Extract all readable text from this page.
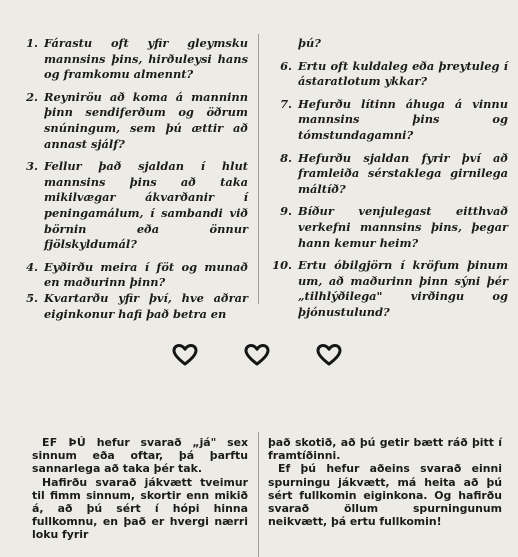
1. Fárastu oft yfir gleymsku mannsins þins, hirðuleysi hans og framkomu almennt?
2. Reyniröu að koma á manninn þinn sendiferðum og öðrum snúningum, sem þú ættir að annast sjálf?
3. Fellur það sjaldan í hlut mannsins þins að taka mikilvægar ákvarðanir í peningamálum, í sambandi við börnin eða önnur fjölskyldumál?
4. Eyðirðu meira í föt og munað en maðurinn þinn?
5. Kvartarðu yfir því, hve aðrar eiginkonur hafi það betra en
þú?
6. Ertu oft kuldaleg eða þreytuleg í ástaratlotum ykkar?
7. Hefurðu lítinn áhuga á vinnu mannsins þins og tómstundagamni?
8. Hefurðu sjaldan fyrir því að framleiða sérstaklega girnilega máltíð?
9. Bíður venjulegast eitthvað verkefni mannsins þins, þegar hann kemur heim?
10. Ertu óbilgjörn í kröfum þinum um, að maðurinn þinn sýni þér „tilhlýðilega" virðingu og þjónustulund?

EF ÞÚ hefur svarað „já" sex sinnum eða oftar, þá þarftu sannarlega að taka þér tak.

Hafirðu svarað jákvætt tveimur til fimm sinnum, skortir enn mikið á, að þú sért í hópi hinna fullkomnu, en það er hvergi nærri loku fyrir

það skotið, að þú getir bætt ráð þitt í framtíðinni.

Ef þú hefur aðeins svarað einni spurningu jákvætt, má heita að þú sért fullkomin eiginkona. Og hafirðu svarað öllum spurningunum neikvætt, þá ertu fullkomin!
